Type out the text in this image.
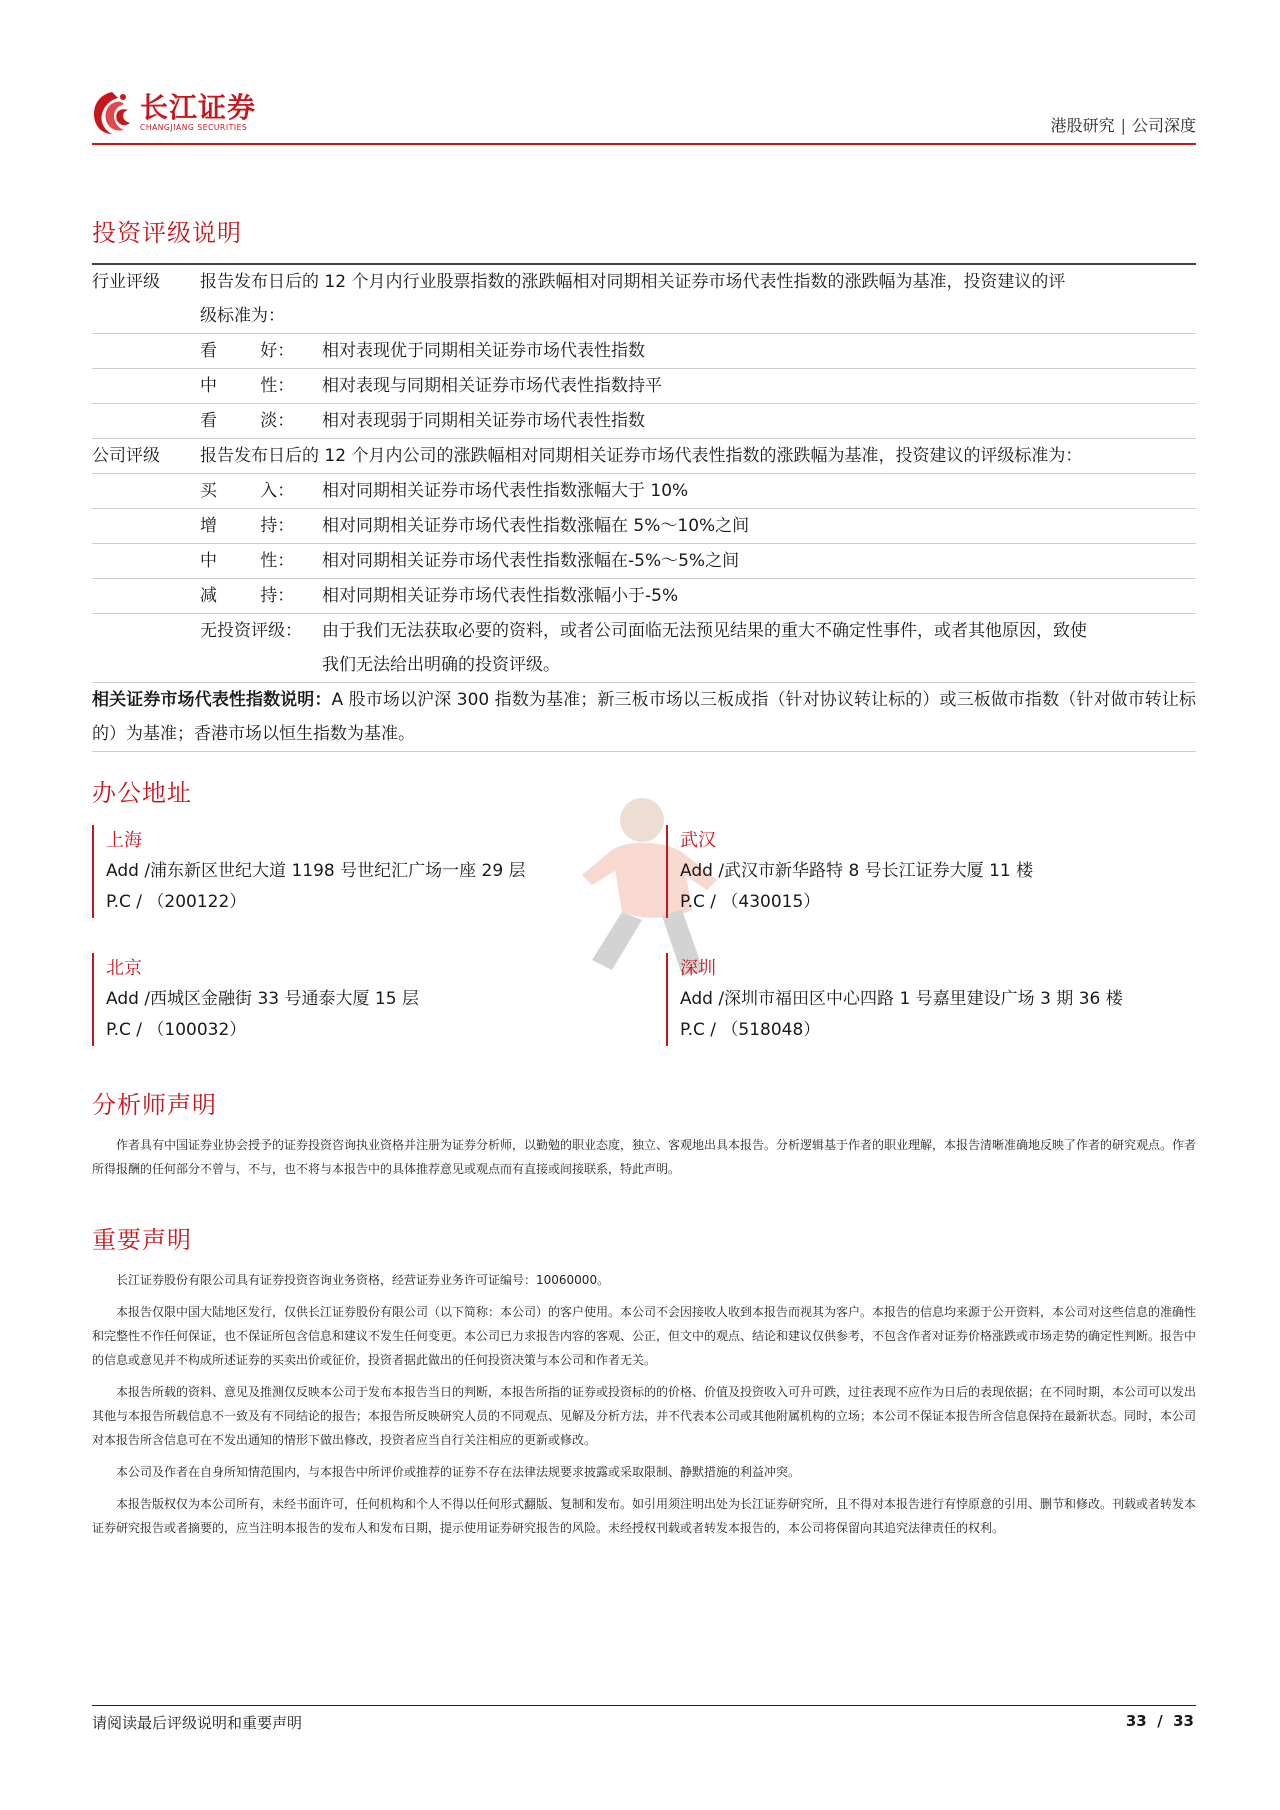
长江证券
CHANGJIANG SECURITIES	港股研究 | 公司深度
投资评级说明
行业评级	报告发布日后的 12 个月内行业股票指数的涨跌幅相对同期相关证券市场代表性指数的涨跌幅为基准，投资建议的评
级标准为：
看        好：	相对表现优于同期相关证券市场代表性指数
中        性：	相对表现与同期相关证券市场代表性指数持平
看        淡：	相对表现弱于同期相关证券市场代表性指数
公司评级	报告发布日后的 12 个月内公司的涨跌幅相对同期相关证券市场代表性指数的涨跌幅为基准，投资建议的评级标准为：
买        入：	相对同期相关证券市场代表性指数涨幅大于 10%
增        持：	相对同期相关证券市场代表性指数涨幅在 5%～10%之间
中        性：	相对同期相关证券市场代表性指数涨幅在-5%～5%之间
减        持：	相对同期相关证券市场代表性指数涨幅小于-5%
无投资评级：	由于我们无法获取必要的资料，或者公司面临无法预见结果的重大不确定性事件，或者其他原因，致使
我们无法给出明确的投资评级。
相关证券市场代表性指数说明：A 股市场以沪深 300 指数为基准；新三板市场以三板成指（针对协议转让标的）或三板做市指数（针对做市转让标的）为基准；香港市场以恒生指数为基准。
办公地址
上海
Add /浦东新区世纪大道 1198 号世纪汇广场一座 29 层
P.C / （200122）
武汉
Add /武汉市新华路特 8 号长江证券大厦 11 楼
P.C / （430015）
北京
Add /西城区金融街 33 号通泰大厦 15 层
P.C / （100032）
深圳
Add /深圳市福田区中心四路 1 号嘉里建设广场 3 期 36 楼
P.C / （518048）
分析师声明

作者具有中国证券业协会授予的证券投资咨询执业资格并注册为证券分析师，以勤勉的职业态度，独立、客观地出具本报告。分析逻辑基于作者的职业理解，本报告清晰准确地反映了作者的研究观点。作者所得报酬的任何部分不曾与，不与，也不将与本报告中的具体推荐意见或观点而有直接或间接联系，特此声明。

重要声明

长江证券股份有限公司具有证券投资咨询业务资格，经营证券业务许可证编号：10060000。

本报告仅限中国大陆地区发行，仅供长江证券股份有限公司（以下简称：本公司）的客户使用。本公司不会因接收人收到本报告而视其为客户。本报告的信息均来源于公开资料，本公司对这些信息的准确性和完整性不作任何保证，也不保证所包含信息和建议不发生任何变更。本公司已力求报告内容的客观、公正，但文中的观点、结论和建议仅供参考，不包含作者对证券价格涨跌或市场走势的确定性判断。报告中的信息或意见并不构成所述证券的买卖出价或征价，投资者据此做出的任何投资决策与本公司和作者无关。

本报告所载的资料、意见及推测仅反映本公司于发布本报告当日的判断，本报告所指的证券或投资标的的价格、价值及投资收入可升可跌，过往表现不应作为日后的表现依据；在不同时期，本公司可以发出其他与本报告所载信息不一致及有不同结论的报告；本报告所反映研究人员的不同观点、见解及分析方法，并不代表本公司或其他附属机构的立场；本公司不保证本报告所含信息保持在最新状态。同时，本公司对本报告所含信息可在不发出通知的情形下做出修改，投资者应当自行关注相应的更新或修改。

本公司及作者在自身所知情范围内，与本报告中所评价或推荐的证券不存在法律法规要求披露或采取限制、静默措施的利益冲突。

本报告版权仅为本公司所有，未经书面许可，任何机构和个人不得以任何形式翻版、复制和发布。如引用须注明出处为长江证券研究所，且不得对本报告进行有悖原意的引用、删节和修改。刊载或者转发本证券研究报告或者摘要的，应当注明本报告的发布人和发布日期，提示使用证券研究报告的风险。未经授权刊载或者转发本报告的，本公司将保留向其追究法律责任的权利。

请阅读最后评级说明和重要声明	33  /  33
